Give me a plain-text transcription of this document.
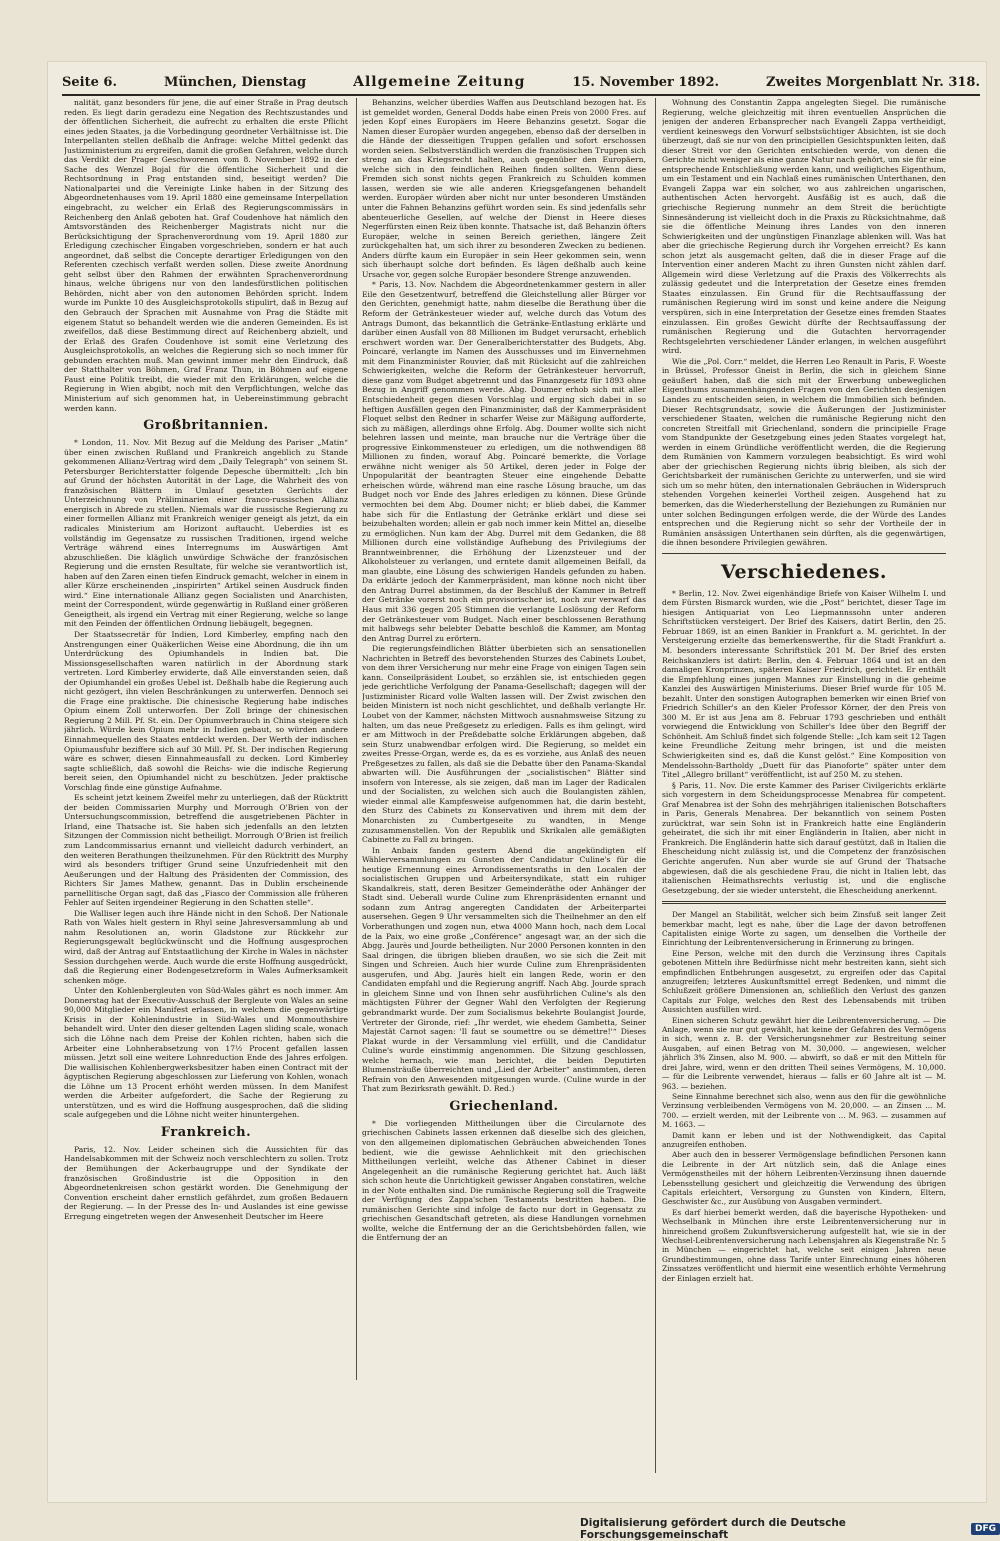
Seite 6.	München, Dienstag	Allgemeine Zeitung	15. November 1892.	Zweites Morgenblatt Nr. 318.

nalität, ganz besonders für jene, die auf einer Straße in Prag deutsch reden. Es liegt darin geradezu eine Negation des Rechtszustandes und der öffentlichen Sicherheit, die aufrecht zu erhalten die erste Pflicht eines jeden Staates, ja die Vorbedingung geordneter Verhältnisse ist. Die Interpellanten stellen deßhalb die Anfrage: welche Mittel gedenkt das Justizministerium zu ergreifen, damit die großen Gefahren, welche durch das Verdikt der Prager Geschworenen vom 8. November 1892 in der Sache des Wenzel Bojal für die öffentliche Sicherheit und die Rechtsordnung in Prag entstanden sind, beseitigt werden? Die Nationalpartei und die Vereinigte Linke haben in der Sitzung des Abgeordnetenhauses vom 19. April 1880 eine gemeinsame Interpellation eingebracht, zu welcher ein Erlaß des Regierungscommissärs in Reichenberg den Anlaß geboten hat. Graf Coudenhove hat nämlich den Amtsvorständen des Reichenberger Magistrats nicht nur die Berücksichtigung der Sprachenverordnung vom 19. April 1880 zur Erledigung czechischer Eingaben vorgeschrieben, sondern er hat auch angeordnet, daß selbst die Concepte derartiger Erledigungen von den Referenten czechisch verfaßt werden sollen. Diese zweite Anordnung geht selbst über den Rahmen der erwähnten Sprachenverordnung hinaus, welche übrigens nur von den landesfürstlichen politischen Behörden, nicht aber von den autonomen Behörden spricht. Indem wurde im Punkte 10 des Ausgleichsprotokolls stipulirt, daß in Bezug auf den Gebrauch der Sprachen mit Ausnahme von Prag die Städte mit eigenem Statut so behandelt werden wie die anderen Gemeinden. Es ist zweifellos, daß diese Bestimmung direct auf Reichenberg abzielt, und der Erlaß des Grafen Coudenhove ist somit eine Verletzung des Ausgleichsprotokolls, an welches die Regierung sich so noch immer für gebunden erachten muß. Man gewinnt immer mehr den Eindruck, daß der Statthalter von Böhmen, Graf Franz Thun, in Böhmen auf eigene Faust eine Politik treibt, die wieder mit den Erklärungen, welche die Regierung in Wien abgibt, noch mit den Verpflichtungen, welche das Ministerium auf sich genommen hat, in Uebereinstimmung gebracht werden kann.

Großbritannien.

* London, 11. Nov. Mit Bezug auf die Meldung des Pariser „Matin“ über einen zwischen Rußland und Frankreich angeblich zu Stande gekommenen Allianz-Vertrag wird dem „Daily Telegraph“ von seinem St. Petersburger Berichterstatter folgende Depesche übermittelt: „Ich bin auf Grund der höchsten Autorität in der Lage, die Wahrheit des von französischen Blättern in Umlauf gesetzten Gerüchts der Unterzeichnung von Präliminarien einer franco-russischen Allianz energisch in Abrede zu stellen. Niemals war die russische Regierung zu einer formellen Allianz mit Frankreich weniger geneigt als jetzt, da ein radicales Ministerium am Horizont auftaucht. Ueberdies ist es vollständig im Gegensatze zu russischen Traditionen, irgend welche Verträge während eines Interregnums im Auswärtigen Amt abzuschließen. Die kläglich unwürdige Schwäche der französischen Regierung und die ernsten Resultate, für welche sie verantwortlich ist, haben auf den Zaren einen tiefen Eindruck gemacht, welcher in einem in aller Kürze erscheinenden „inspirirten“ Artikel seinen Ausdruck finden wird.“ Eine internationale Allianz gegen Socialisten und Anarchisten, meint der Correspondent, würde gegenwärtig in Rußland einer größeren Geneigtheit, als irgend ein Vertrag mit einer Regierung, welche so lange mit den Feinden der öffentlichen Ordnung liebäugelt, begegnen.

Der Staatssecretär für Indien, Lord Kimberley, empfing nach den Anstrengungen einer Quäkerlichen Weise eine Abordnung, die ihn um Unterdrückung des Opiumhandels in Indien bat. Die Missionsgesellschaften waren natürlich in der Abordnung stark vertreten. Lord Kimberley erwiderte, daß Alle einverstanden seien, daß der Opiumhandel ein großes Uebel ist. Deßhalb habe die Regierung auch nicht gezögert, ihn vielen Beschränkungen zu unterwerfen. Dennoch sei die Frage eine praktische. Die chinesische Regierung habe indisches Opium einem Zoll unterworfen. Der Zoll bringe der chinesischen Regierung 2 Mill. Pf. St. ein. Der Opiumverbrauch in China steigere sich jährlich. Würde kein Opium mehr in Indien gebaut, so würden andere Einnahmequellen des Staates entdeckt werden. Der Werth der indischen Opiumausfuhr beziffere sich auf 30 Mill. Pf. St. Der indischen Regierung wäre es schwer, diesen Einnahmeausfall zu decken. Lord Kimberley sagte schließlich, daß sowohl die Reichs- wie die indische Regierung bereit seien, den Opiumhandel nicht zu beschützen. Jeder praktische Vorschlag finde eine günstige Aufnahme.

Es scheint jetzt keinem Zweifel mehr zu unterliegen, daß der Rücktritt der beiden Commissarien Murphy und Morrough O'Brien von der Untersuchungscommission, betreffend die ausgetriebenen Pächter in Irland, eine Thatsache ist. Sie haben sich jedenfalls an den letzten Sitzungen der Commission nicht betheiligt. Morrough O'Brien ist freilich zum Landcommissarius ernannt und vielleicht dadurch verhindert, an den weiteren Berathungen theilzunehmen. Für den Rücktritt des Murphy wird als besonders triftiger Grund seine Unzufriedenheit mit den Aeußerungen und der Haltung des Präsidenten der Commission, des Richters Sir James Mathew, genannt. Das in Dublin erscheinende parnellitische Organ sagt, daß das „Fiasco der Commission alle früheren Fehler auf Seiten irgendeiner Regierung in den Schatten stelle“.

Die Walliser legen auch ihre Hände nicht in den Schoß. Der Nationale Rath von Wales hielt gestern in Rhyl seine Jahresversammlung ab und nahm Resolutionen an, worin Gladstone zur Rückkehr zur Regierungsgewalt beglückwünscht und die Hoffnung ausgesprochen wird, daß der Antrag auf Entstaatlichung der Kirche in Wales in nächster Session durchgehen werde. Auch wurde die erste Hoffnung ausgedrückt, daß die Regierung einer Bodengesetzreform in Wales Aufmerksamkeit schenken möge.

Unter den Kohlenbergleuten von Süd-Wales gährt es noch immer. Am Donnerstag hat der Executiv-Ausschuß der Bergleute von Wales an seine 90,000 Mitglieder ein Manifest erlassen, in welchem die gegenwärtige Krisis in der Kohlenindustrie in Süd-Wales und Monmouthshire behandelt wird. Unter den dieser geltenden Lagen sliding scale, wonach sich die Löhne nach dem Preise der Kohlen richten, haben sich die Arbeiter eine Lohnherabsetzung von 17½ Procent gefallen lassen müssen. Jetzt soll eine weitere Lohnreduction Ende des Jahres erfolgen. Die wallisischen Kohlenbergwerksbesitzer haben einen Contract mit der ägyptischen Regierung abgeschlossen zur Lieferung von Kohlen, wonach die Löhne um 13 Procent erhöht werden müssen. In dem Manifest werden die Arbeiter aufgefordert, die Sache der Regierung zu unterstützen, und es wird die Hoffnung ausgesprochen, daß die sliding scale aufgegeben und die Löhne nicht weiter hinuntergehen.

Frankreich.

Paris, 12. Nov. Leider scheinen sich die Aussichten für das Handelsabkommen mit der Schweiz noch verschlechtern zu sollen. Trotz der Bemühungen der Ackerbaugruppe und der Syndikate der französischen Großindustrie ist die Opposition in den Abgeordnetenkreisen schon gestärkt worden. Die Genehmigung der Convention erscheint daher ernstlich gefährdet, zum großen Bedauern der Regierung. — In der Presse des In- und Auslandes ist eine gewisse Erregung eingetreten wegen der Anwesenheit Deutscher im Heere

Behanzins, welcher überdies Waffen aus Deutschland bezogen hat. Es ist gemeldet worden, General Dodds habe einen Preis von 2000 Fres. auf jeden Kopf eines Europäers im Heere Behanzins gesetzt. Sogar die Namen dieser Europäer wurden angegeben, ebenso daß der derselben in die Hände der diesseitigen Truppen gefallen und sofort erschossen worden seien. Selbstverständlich werden die französischen Truppen sich streng an das Kriegsrecht halten, auch gegenüber den Europäern, welche sich in den feindlichen Reihen finden sollten. Wenn diese Fremden sich sonst nichts gegen Frankreich zu Schulden kommen lassen, werden sie wie alle anderen Kriegsgefangenen behandelt werden. Europäer würden aber nicht nur unter besonderen Umständen unter die Fahnen Behanzins geführt worden sein. Es sind jedenfalls sehr abenteuerliche Gesellen, auf welche der Dienst in Heere dieses Negerfürsten einen Reiz üben konnte. Thatsache ist, daß Behanzin öfters Europäer, welche in seinen Bereich geriethen, längere Zeit zurückgehalten hat, um sich ihrer zu besonderen Zwecken zu bedienen. Anders dürfte kaum ein Europäer in sein Heer gekommen sein, wenn sich überhaupt solche dort befinden. Es lägen deßhalb auch keine Ursache vor, gegen solche Europäer besondere Strenge anzuwenden.

* Paris, 13. Nov. Nachdem die Abgeordnetenkammer gestern in aller Eile den Gesetzentwurf, betreffend die Gleichstellung aller Bürger vor den Gerichten, genehmigt hatte, nahm dieselbe die Berathung über die Reform der Getränkesteuer wieder auf, welche durch das Votum des Antrags Dumont, das bekanntlich die Getränke-Entlastung erklärte und darüber einen Ausfall von 88 Millionen im Budget verursacht, erheblich erschwert worden war. Der Generalberichterstatter des Budgets, Abg. Poincaré, verlangte im Namen des Ausschusses und im Einvernehmen mit dem Finanzminister Rouvier, daß mit Rücksicht auf die zahlreichen Schwierigkeiten, welche die Reform der Getränkesteuer hervorruft, diese ganz vom Budget abgetrennt und das Finanzgesetz für 1893 ohne Bezug in Angriff genommen werde. Abg. Doumer erhob sich mit aller Entschiedenheit gegen diesen Vorschlag und erging sich dabei in so heftigen Ausfällen gegen den Finanzminister, daß der Kammerpräsident Floquet selbst den Redner in scharfer Weise zur Mäßigung aufforderte, sich zu mäßigen, allerdings ohne Erfolg. Abg. Doumer wollte sich nicht belehren lassen und meinte, man brauche nur die Verträge über die progressive Einkommensteuer zu erledigen, um die nothwendigen 88 Millionen zu finden, worauf Abg. Poincaré bemerkte, die Vorlage erwähne nicht weniger als 50 Artikel, deren jeder in Folge der Unpopularität der beantragten Steuer eine eingehende Debatte erheischen würde, während man eine rasche Lösung brauche, um das Budget noch vor Ende des Jahres erledigen zu können. Diese Gründe vermochten bei dem Abg. Doumer nicht; er blieb dabei, die Kammer habe sich für die Entlastung der Getränke erklärt und diese sei beizubehalten worden; allein er gab noch immer kein Mittel an, dieselbe zu ermöglichen. Nun kam der Abg. Durrel mit dem Gedanken, die 88 Millionen durch eine vollständige Aufhebung des Privilegiums der Branntweinbrenner, die Erhöhung der Lizenzsteuer und der Alkoholsteuer zu verlangen, und erntete damit allgemeinen Beifall, da man glaubte, eine Lösung des schwierigen Handels gefunden zu haben. Da erklärte jedoch der Kammerpräsident, man könne noch nicht über den Antrag Durrel abstimmen, da der Beschluß der Kammer in Betreff der Getränke vorerst noch ein provisorischer ist, noch zur verwarf das Haus mit 336 gegen 205 Stimmen die verlangte Loslösung der Reform der Getränkesteuer vom Budget. Nach einer beschlossenen Berathung mit halbwegs sehr belebter Debatte beschloß die Kammer, am Montag den Antrag Durrel zu erörtern.

Die regierungsfeindlichen Blätter überbieten sich an sensationellen Nachrichten in Betreff des bevorstehenden Sturzes des Cabinets Loubet, von dem ihrer Versicherung nur mehr eine Frage von einigen Tagen sein kann. Conseilpräsident Loubet, so erzählen sie, ist entschieden gegen jede gerichtliche Verfolgung der Panama-Gesellschaft; dagegen will der Justizminister Ricard volle Walten lassen will. Der Zwist zwischen den beiden Ministern ist noch nicht geschlichtet, und deßhalb verlangte Hr. Loubet von der Kammer, nächsten Mittwoch ausnahmsweise Sitzung zu halten, um das neue Preßgesetz zu erledigen. Falls es ihm gelingt, wird er am Mittwoch in der Preßdebatte solche Erklärungen abgeben, daß sein Sturz unabwendbar erfolgen wird. Die Regierung, so meldet ein zweites Presse-Organ, werde es, da es es vorziehe, aus Anlaß des neuen Preßgesetzes zu fallen, als daß sie die Debatte über den Panama-Skandal abwarten will. Die Ausführungen der „socialistischen“ Blätter sind insofern von Interesse, als sie zeigen, daß man im Lager der Radicalen und der Socialisten, zu welchen sich auch die Boulangisten zählen, wieder einmal alle Kampfesweise aufgenommen hat, die darin besteht, den Sturz des Cabinets zu Konservativen und ihrem mit dem der Monarchisten zu Cumbertgeseite zu wandten, in Menge zuzusammenstellen. Von der Republik und Skrikalen alle gemäßigten Cabinette zu Fall zu bringen.

In Anbaix fanden gestern Abend die angekündigten elf Wählerversammlungen zu Gunsten der Candidatur Culine's für die heutige Ernennung eines Arrondissementsraths in den Localen der socialistischen Gruppen und Arbeitersyndikate, statt ein ruhiger Skandalkreis, statt, deren Besitzer Gemeinderäthe oder Anhänger der Stadt sind. Ueberall wurde Culine zum Ehrenpräsidenten ernannt und sodann zum Antrag angeregten Candidaten der Arbeiterpartei ausersehen. Gegen 9 Uhr versammelten sich die Theilnehmer an den elf Vorberathungen und zogen nun, etwa 4000 Mann hoch, nach dem Local de la Paix, wo eine große „Conférence“ angesagt war, an der sich die Abgg. Jaurès und Jourde betheiligten. Nur 2000 Personen konnten in den Saal dringen, die übrigen blieben draußen, wo sie sich die Zeit mit Singen und Schreien. Auch hier wurde Culine zum Ehrenpräsidenten ausgerufen, und Abg. Jaurès hielt ein langen Rede, worin er den Candidaten empfahl und die Regierung angriff. Nach Abg. Jourde sprach in gleichem Sinne und von Ihnen sehr ausführlichen Culine's als den mächtigsten Führer der Gegner Wahl den Verfolgten der Regierung gebrandmarkt wurde. Der zum Socialismus bekehrte Boulangist Jourde, Vertreter der Gironde, rief: „Ihr werdet, wie ehedem Gambetta, Seiner Majestät Carnot sagen: 'Il faut se soumettre ou se démettre!'“ Dieses Plakat wurde in der Versammlung viel erfüllt, und die Candidatur Culine's wurde einstimmig angenommen. Die Sitzung geschlossen, welche hernach, wie man berichtet, die beiden Deputirten Blumensträuße überreichten und „Lied der Arbeiter“ anstimmten, deren Refrain von den Anwesenden mitgesungen wurde. (Culine wurde in der That zum Bezirksrath gewählt. D. Red.)

Griechenland.

* Die vorliegenden Mittheilungen über die Circularnote des griechischen Cabinets lassen erkennen daß dieselbe sich des gleichen, von den allgemeinen diplomatischen Gebräuchen abweichenden Tones bedient, wie die gewisse Aehnlichkeit mit den griechischen Mittheilungen verleiht, welche das Athener Cabinet in dieser Angelegenheit an die rumänische Regierung gerichtet hat. Auch läßt sich schon heute die Unrichtigkeit gewisser Angaben constatiren, welche in der Note enthalten sind. Die rumänische Regierung soll die Tragweite der Verfügung des Zappa'schen Testaments bestritten haben. Die rumänischen Gerichte sind infolge de facto nur dort in Gegensatz zu griechischen Gesandtschaft getreten, als diese Handlungen vornehmen wollte, welche die Entfernung der an die Gerichtsbehörden fallen, wie die Entfernung der an

Wohnung des Constantin Zappa angelegten Siegel. Die rumänische Regierung, welche gleichzeitig mit ihren eventuellen Ansprüchen die jenigen der anderen Erbansprecher nach Evangeli Zappa vertheidigt, verdient keineswegs den Vorwurf selbstsüchtiger Absichten, ist sie doch überzeugt, daß sie nur von den principiellen Gesichtspunkten leiten, daß dieser Streit vor den Gerichten entschieden werde, von denen die Gerichte nicht weniger als eine ganze Natur nach gehört, um sie für eine entsprechende Entschließung werden kann, und weiligliches Eigenthum, um ein Testament und ein Nachlaß eines rumänischen Unterthanen, den Evangeli Zappa war ein solcher, wo aus zahlreichen ungarischen, authentischen Acten hervorgeht. Ausfäßig ist es auch, daß die griechische Regierung nunmehr an dem Streit die berüchtigte Sinnesänderung ist vielleicht doch in die Praxis zu Rücksichtnahme, daß sie die öffentliche Meinung ihres Landes von den inneren Schwierigkeiten und der ungünstigen Finanzlage ablenken will. Was hat aber die griechische Regierung durch ihr Vorgehen erreicht? Es kann schon jetzt als ausgemacht gelten, daß die in dieser Frage auf die Intervention einer anderen Macht zu ihren Gunsten nicht zählen darf. Allgemein wird diese Verletzung auf die Praxis des Völkerrechts als zulässig gedeutet und die Interpretation der Gesetze eines fremden Staates einzulassen. Ein Grund für die Rechtsauffassung der rumänischen Regierung wird im sonst und keine andere die Neigung verspüren, sich in eine Interpretation der Gesetze eines fremden Staates einzulassen. Ein großes Gewicht dürfte der Rechtsauffassung der rumänischen Regierung und die Gutachten hervorragender Rechtsgelehrten verschiedener Länder erlangen, in welchen ausgeführt wird.

Wie die „Pol. Corr.“ meldet, die Herren Leo Renault in Paris, F. Woeste in Brüssel, Professor Gneist in Berlin, die sich in gleichem Sinne geäußert haben, daß die sich mit der Erwerbung unbeweglichen Eigenthums zusammenhängenden Fragen von den Gerichten desjenigen Landes zu entscheiden seien, in welchem die Immobilien sich befinden. Dieser Rechtsgrundsatz, sowie die Äußerungen der Justizminister verschiedener Staaten, welchen die rumänische Regierung nicht den concreten Streitfall mit Griechenland, sondern die principielle Frage vom Standpunkte der Gesetzgebung eines jeden Staates vorgelegt hat, werden in einem Gründliche veröffentlicht werden, die die Regierung dem Rumänien von Kammern vorzulegen beabsichtigt. Es wird wohl aber der griechischen Regierung nichts übrig bleiben, als sich der Gerichtsbarkeit der rumänischen Gerichte zu unterwerfen, und sie wird sich um so mehr hüten, den internationalen Gebräuchen in Widerspruch stehenden Vorgehen keinerlei Vortheil zeigen. Ausgehend hat zu bemerken, das die Wiederherstellung der Beziehungen zu Rumänien nur unter solchen Bedingungen erfolgen werde, die der Würde des Landes entsprechen und die Regierung nicht so sehr der Vortheile der in Rumänien ansässigen Unterthanen sein dürften, als die gegenwärtigen, die ihnen besondere Privilegien gewähren.

Verschiedenes.

* Berlin, 12. Nov. Zwei eigenhändige Briefe von Kaiser Wilhelm I. und dem Fürsten Bismarck wurden, wie die „Post“ berichtet, dieser Tage im hiesigen Antiquariat von Leo Liepmannssohn unter anderen Schriftstücken versteigert. Der Brief des Kaisers, datirt Berlin, den 25. Februar 1869, ist an einen Bankier in Frankfurt a. M. gerichtet. In der Versteigerung erzielte das bemerkenswerthe, für die Stadt Frankfurt a. M. besonders interessante Schriftstück 201 M. Der Brief des ersten Reichskanzlers ist datirt: Berlin, den 4. Februar 1864 und ist an den damaligen Kronprinzen, späteren Kaiser Friedrich, gerichtet. Er enthält die Empfehlung eines jungen Mannes zur Einstellung in die geheime Kanzlei des Auswärtigen Ministeriums. Dieser Brief wurde für 105 M. bezahlt. Unter den sonstigen Autographen bemerken wir einen Brief von Friedrich Schiller's an den Kieler Professor Körner, der den Preis von 300 M. Er ist aus Jena am 8. Februar 1793 geschrieben und enthält vorwiegend die Entwicklung von Schiller's Idee über den Begriff der Schönheit. Am Schluß findet sich folgende Stelle: „Ich kam seit 12 Tagen keine Freundliche Zeitung mehr bringen, ist und die meisten Schwierigkeiten sind es, daß die Kunst gelöst.“ Eine Komposition von Mendelssohn-Bartholdy „Duett für das Pianoforte“ später unter dem Titel „Allegro brillant“ veröffentlicht, ist auf 250 M. zu stehen.

§ Paris, 11. Nov. Die erste Kammer des Pariser Civilgerichts erklärte sich vorgestern in dem Scheidungsprocesse Menabrea für competent. Graf Menabrea ist der Sohn des mehrjährigen italienischen Botschafters in Paris, Generals Menabrea. Der bekanntlich von seinem Posten zurücktrat, war sein Sohn ist in Frankreich hatte eine Engländerin geheiratet, die sich ihr mit einer Engländerin in Italien, aber nicht in Frankreich. Die Engländerin hatte sich darauf gestützt, daß in Italien die Ehescheidung nicht zulässig ist, und die Competenz der französischen Gerichte angerufen. Nun aber wurde sie auf Grund der Thatsache abgewiesen, daß die als geschiedene Frau, die nicht in Italien lebt, das italienischen Heimathsrechts verlustig ist, und die englische Gesetzgebung, der sie wieder untersteht, die Ehescheidung anerkennt.

Der Mangel an Stabilität, welcher sich beim Zinsfuß seit langer Zeit bemerkbar macht, legt es nahe, über die Lage der davon betroffenen Capitalisten einige Worte zu sagen, um denselben die Vortheile der Einrichtung der Leibrentenversicherung in Erinnerung zu bringen.

Eine Person, welche mit den durch die Verzinsung ihres Capitals gebotenen Mitteln ihre Bedürfnisse nicht mehr bestreiten kann, sieht sich empfindlichen Entbehrungen ausgesetzt, zu ergreifen oder das Capital anzugreifen; letzteres Auskunftsmittel erregt Bedenken, und nimmt die Schlußzeit größere Dimensionen an, schließlich den Verlust des ganzen Capitals zur Folge, welches den Rest des Lebensabends mit trüben Aussichten ausfüllen wird.

Einen sicheren Schutz gewährt hier die Leibrentenversicherung. — Die Anlage, wenn sie nur gut gewählt, hat keine der Gefahren des Vermögens in sich, wenn z. B. der Versicherungsnehmer zur Bestreitung seiner Ausgaben, auf einen Betrag von M. 30,000. — angewiesen, welcher jährlich 3% Zinsen, also M. 900. — abwirft, so daß er mit den Mitteln für drei Jahre, wird, wenn er den dritten Theil seines Vermögens, M. 10,000. — für die Leibrente verwendet, hieraus — falls er 60 Jahre alt ist — M. 963. — beziehen.

Seine Einnahme berechnet sich also, wenn aus den für die gewöhnliche Verzinsung verbleibenden Vermögens von M. 20,000. — an Zinsen ... M. 700. — erzielt werden, mit der Leibrente von ... M. 963. — zusammen auf M. 1663. —

Damit kann er leben und ist der Nothwendigkeit, das Capital anzugreifen enthoben.

Aber auch den in besserer Vermögenslage befindlichen Personen kann die Leibrente in der Art nützlich sein, daß die Anlage eines Vermögenstheiles mit der höhern Leibrenten-Verzinsung ihnen dauernde Lebensstellung gesichert und gleichzeitig die Verwendung des übrigen Capitals erleichtert, Versorgung zu Gunsten von Kindern, Eltern, Geschwister &c., zur Ausübung von Ausgaben vermindert.

Es darf hierbei bemerkt werden, daß die bayerische Hypotheken- und Wechselbank in München ihre erste Leibrentenversicherung nur in hinreichend großem Zukunftsversicherung aufgestellt hat, wie sie in der Wechsel-Leibrentenversicherung nach Lebensjahren als Kiegenstraße Nr. 5 in München — eingerichtet hat, welche seit einigen Jahren neue Grundbestimmungen, ohne dass Tarife unter Einrechnung eines höheren Zinssatzes veröffentlicht und hiermit eine wesentlich erhöhte Vermehrung der Einlagen erzielt hat.

Digitalisierung gefördert durch die Deutsche Forschungsgemeinschaft	DFG
